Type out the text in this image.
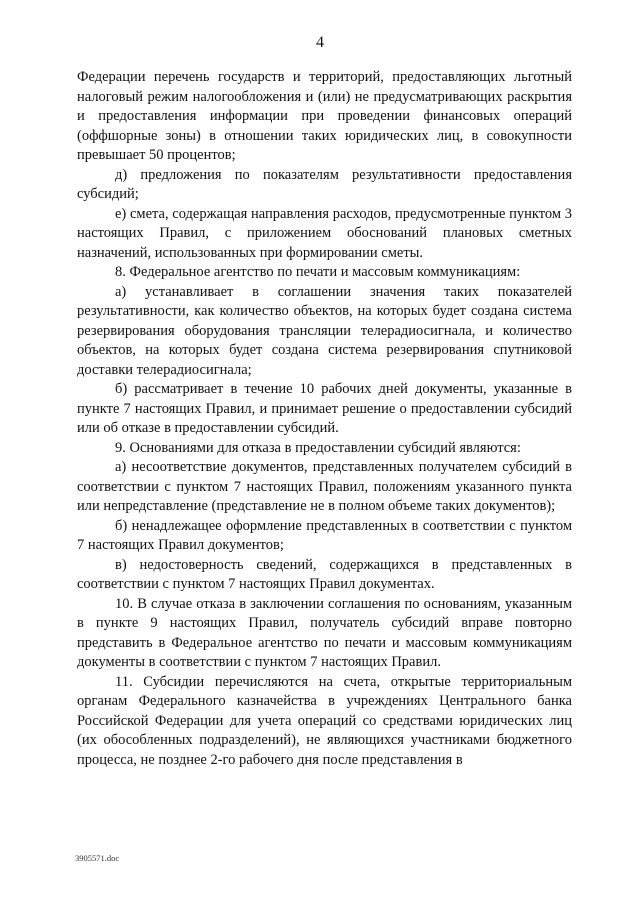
4

Федерации перечень государств и территорий, предоставляющих льготный налоговый режим налогообложения и (или) не предусматривающих раскрытия и предоставления информации при проведении финансовых операций (оффшорные зоны) в отношении таких юридических лиц, в совокупности превышает 50 процентов;

д) предложения по показателям результативности предоставления субсидий;

е) смета, содержащая направления расходов, предусмотренные пунктом 3 настоящих Правил, с приложением обоснований плановых сметных назначений, использованных при формировании сметы.

8. Федеральное агентство по печати и массовым коммуникациям:

а) устанавливает в соглашении значения таких показателей результативности, как количество объектов, на которых будет создана система резервирования оборудования трансляции телерадиосигнала, и количество объектов, на которых будет создана система резервирования спутниковой доставки телерадиосигнала;

б) рассматривает в течение 10 рабочих дней документы, указанные в пункте 7 настоящих Правил, и принимает решение о предоставлении субсидий или об отказе в предоставлении субсидий.

9. Основаниями для отказа в предоставлении субсидий являются:

а) несоответствие документов, представленных получателем субсидий в соответствии с пунктом 7 настоящих Правил, положениям указанного пункта или непредставление (представление не в полном объеме таких документов);

б) ненадлежащее оформление представленных в соответствии с пунктом 7 настоящих Правил документов;

в) недостоверность сведений, содержащихся в представленных в соответствии с пунктом 7 настоящих Правил документах.

10. В случае отказа в заключении соглашения по основаниям, указанным в пункте 9 настоящих Правил, получатель субсидий вправе повторно представить в Федеральное агентство по печати и массовым коммуникациям документы в соответствии с пунктом 7 настоящих Правил.

11. Субсидии перечисляются на счета, открытые территориальным органам Федерального казначейства в учреждениях Центрального банка Российской Федерации для учета операций со средствами юридических лиц (их обособленных подразделений), не являющихся участниками бюджетного процесса, не позднее 2-го рабочего дня после представления в

3905571.doc
